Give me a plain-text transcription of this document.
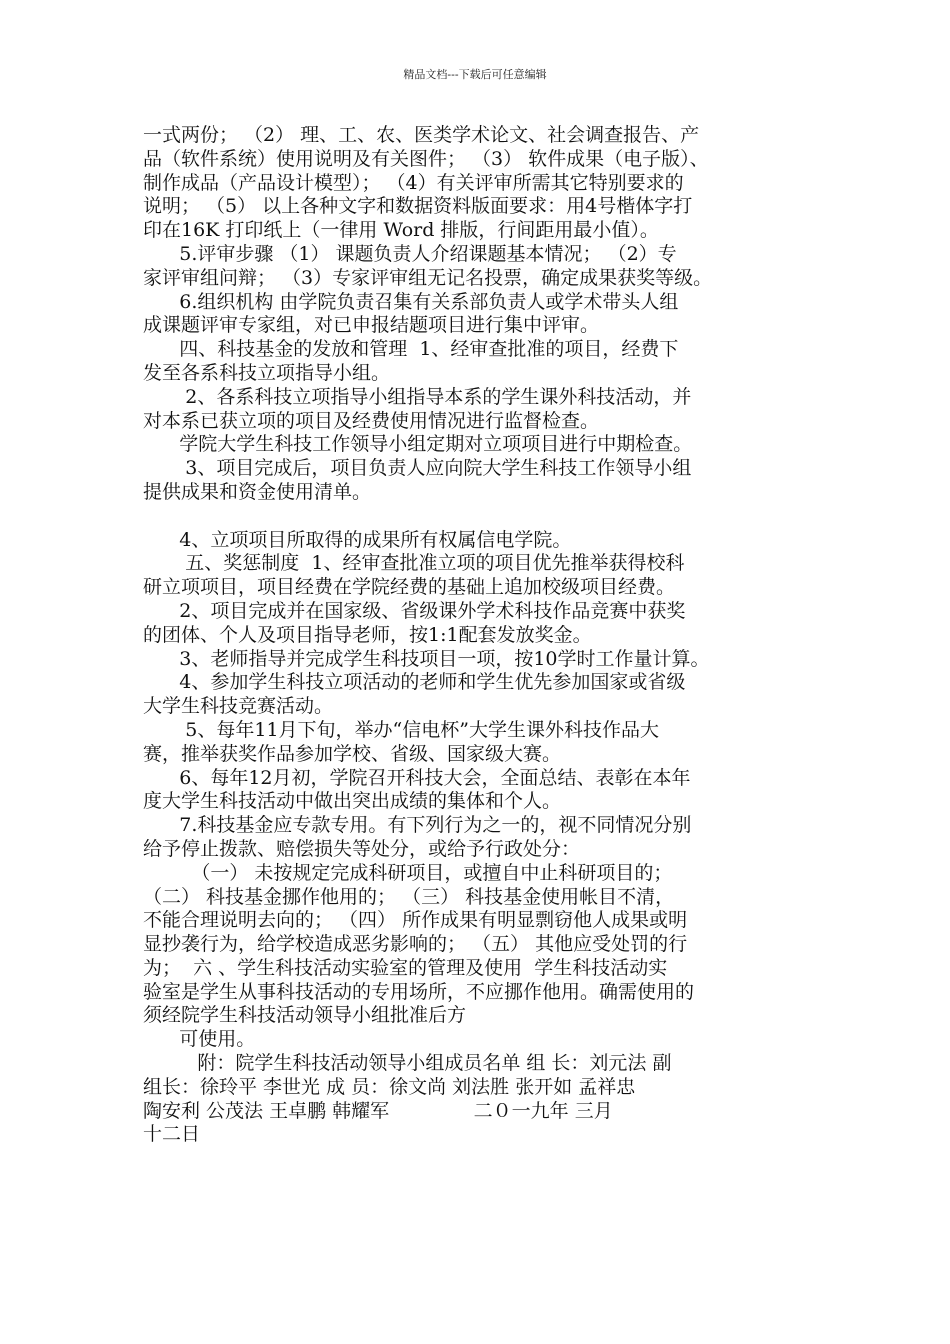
精品文档---下载后可任意编辑
一式两份； （2） 理、工、农、医类学术论文、社会调查报告、产
品（软件系统）使用说明及有关图件； （3） 软件成果（电子版）、
制作成品（产品设计模型）； （4）有关评审所需其它特别要求的
说明； （5） 以上各种文字和数据资料版面要求：用4号楷体字打
印在16K 打印纸上（一律用 Word 排版，行间距用最小值）。
5.评审步骤 （1） 课题负责人介绍课题基本情况； （2）专
家评审组问辩； （3）专家评审组无记名投票，确定成果获奖等级。
6.组织机构 由学院负责召集有关系部负责人或学术带头人组
成课题评审专家组，对已申报结题项目进行集中评审。
四、科技基金的发放和管理  1、经审查批准的项目，经费下
发至各系科技立项指导小组。
2、各系科技立项指导小组指导本系的学生课外科技活动，并
对本系已获立项的项目及经费使用情况进行监督检查。
学院大学生科技工作领导小组定期对立项项目进行中期检查。
3、项目完成后，项目负责人应向院大学生科技工作领导小组
提供成果和资金使用清单。
4、立项项目所取得的成果所有权属信电学院。
五、奖惩制度  1、经审查批准立项的项目优先推举获得校科
研立项项目，项目经费在学院经费的基础上追加校级项目经费。
2、项目完成并在国家级、省级课外学术科技作品竞赛中获奖
的团体、个人及项目指导老师，按1:1配套发放奖金。
3、老师指导并完成学生科技项目一项，按10学时工作量计算。
4、参加学生科技立项活动的老师和学生优先参加国家或省级
大学生科技竞赛活动。
5、每年11月下旬，举办“信电杯”大学生课外科技作品大
赛，推举获奖作品参加学校、省级、国家级大赛。
6、每年12月初，学院召开科技大会，全面总结、表彰在本年
度大学生科技活动中做出突出成绩的集体和个人。
7.科技基金应专款专用。有下列行为之一的，视不同情况分别
给予停止拨款、赔偿损失等处分，或给予行政处分：
（一） 未按规定完成科研项目，或擅自中止科研项目的；
（二） 科技基金挪作他用的； （三） 科技基金使用帐目不清，
不能合理说明去向的； （四） 所作成果有明显剽窃他人成果或明
显抄袭行为，给学校造成恶劣影响的； （五） 其他应受处罚的行
为；  六 、学生科技活动实验室的管理及使用  学生科技活动实
验室是学生从事科技活动的专用场所，不应挪作他用。确需使用的
须经院学生科技活动领导小组批准后方
可使用。
附：院学生科技活动领导小组成员名单 组 长：刘元法 副
组长：徐玲平 李世光 成 员：徐文尚 刘法胜 张开如 孟祥忠
陶安利 公茂法 王卓鹏 韩耀军              二０一九年 三月
十二日
